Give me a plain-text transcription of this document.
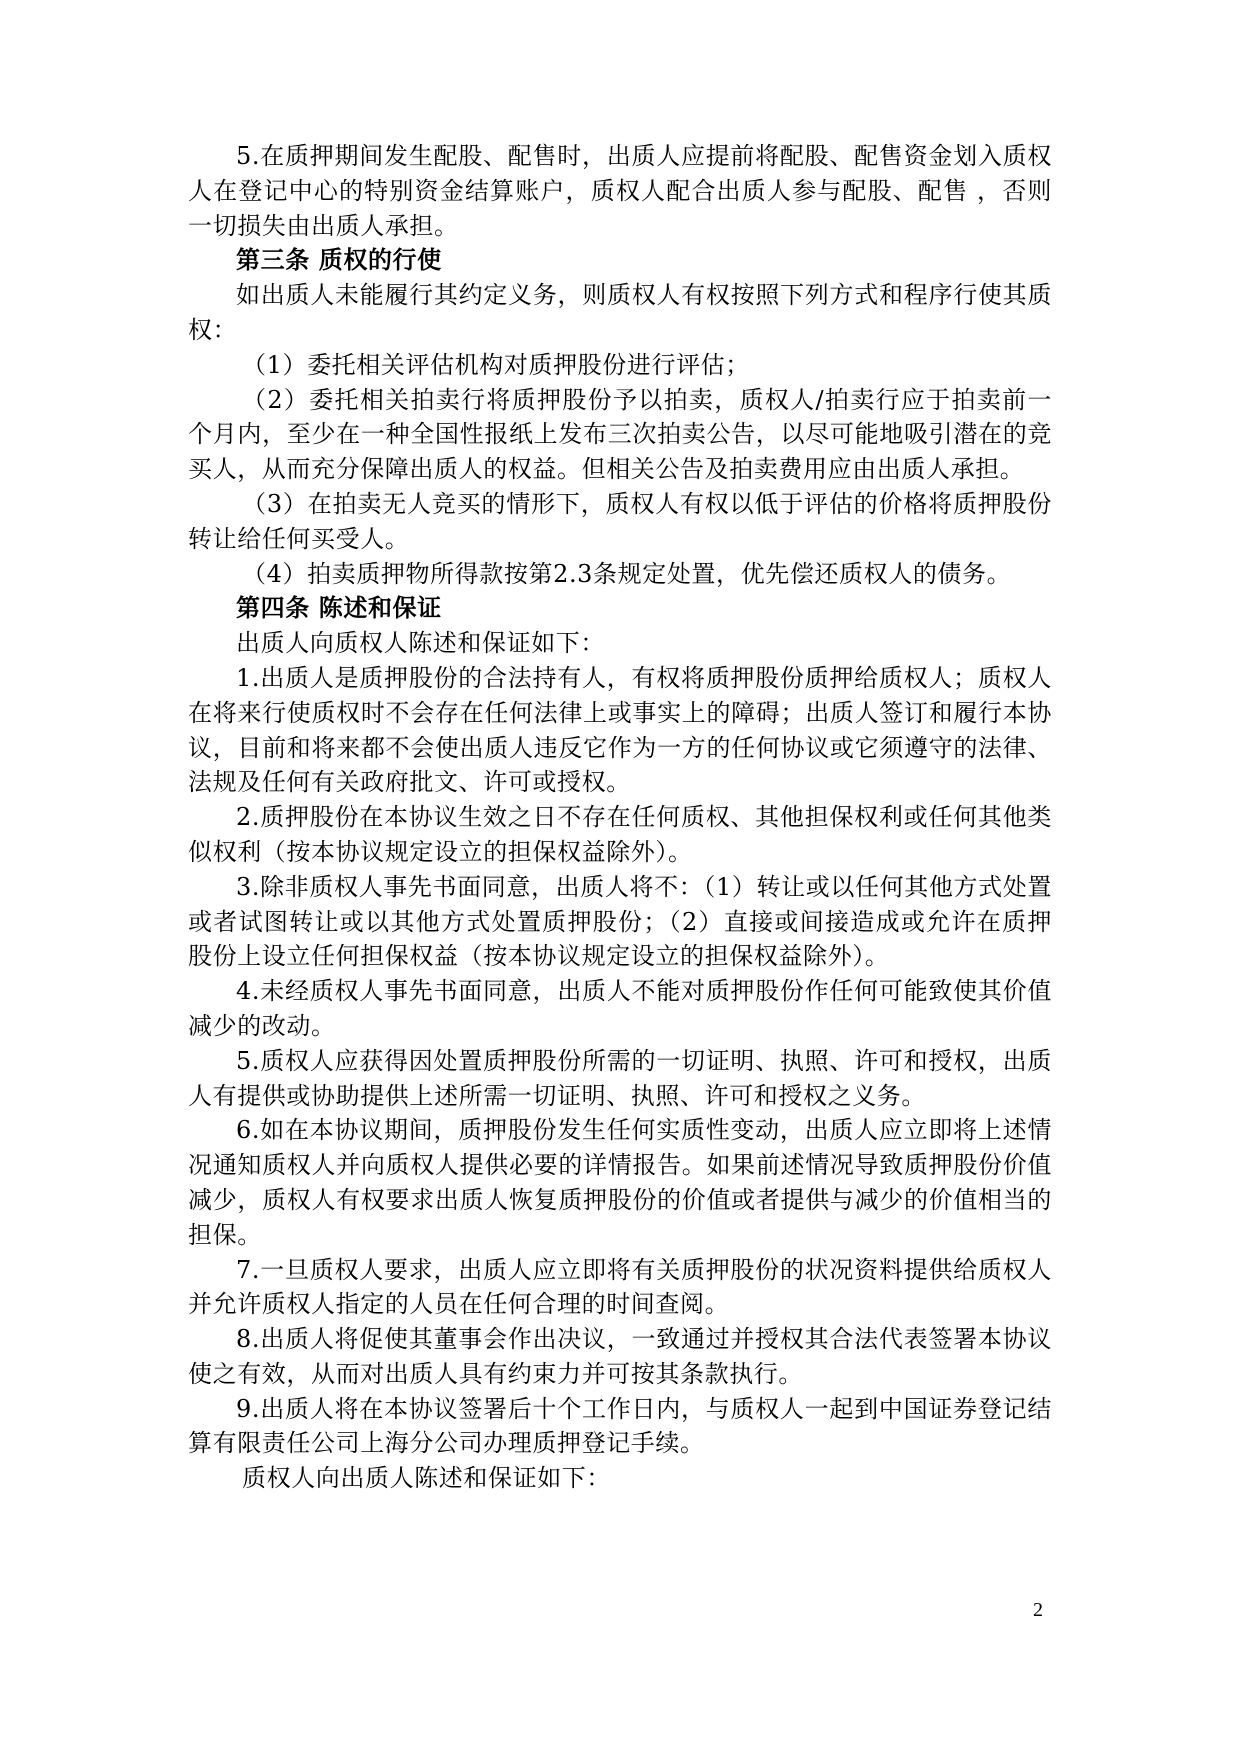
5.在质押期间发生配股、配售时，出质人应提前将配股、配售资金划入质权人在登记中心的特别资金结算账户，质权人配合出质人参与配股、配售 ，否则一切损失由出质人承担。

第三条 质权的行使

如出质人未能履行其约定义务，则质权人有权按照下列方式和程序行使其质权：

（1）委托相关评估机构对质押股份进行评估；

（2）委托相关拍卖行将质押股份予以拍卖，质权人/拍卖行应于拍卖前一个月内，至少在一种全国性报纸上发布三次拍卖公告，以尽可能地吸引潜在的竞买人，从而充分保障出质人的权益。但相关公告及拍卖费用应由出质人承担。

（3）在拍卖无人竞买的情形下，质权人有权以低于评估的价格将质押股份转让给任何买受人。

（4）拍卖质押物所得款按第2.3条规定处置，优先偿还质权人的债务。

第四条 陈述和保证

出质人向质权人陈述和保证如下：

1.出质人是质押股份的合法持有人，有权将质押股份质押给质权人；质权人在将来行使质权时不会存在任何法律上或事实上的障碍；出质人签订和履行本协议，目前和将来都不会使出质人违反它作为一方的任何协议或它须遵守的法律、法规及任何有关政府批文、许可或授权。

2.质押股份在本协议生效之日不存在任何质权、其他担保权利或任何其他类似权利（按本协议规定设立的担保权益除外）。

3.除非质权人事先书面同意，出质人将不：（1）转让或以任何其他方式处置或者试图转让或以其他方式处置质押股份；（2）直接或间接造成或允许在质押股份上设立任何担保权益（按本协议规定设立的担保权益除外）。

4.未经质权人事先书面同意，出质人不能对质押股份作任何可能致使其价值减少的改动。

5.质权人应获得因处置质押股份所需的一切证明、执照、许可和授权，出质人有提供或协助提供上述所需一切证明、执照、许可和授权之义务。

6.如在本协议期间，质押股份发生任何实质性变动，出质人应立即将上述情况通知质权人并向质权人提供必要的详情报告。如果前述情况导致质押股份价值减少，质权人有权要求出质人恢复质押股份的价值或者提供与减少的价值相当的担保。

7.一旦质权人要求，出质人应立即将有关质押股份的状况资料提供给质权人并允许质权人指定的人员在任何合理的时间查阅。

8.出质人将促使其董事会作出决议，一致通过并授权其合法代表签署本协议使之有效，从而对出质人具有约束力并可按其条款执行。

9.出质人将在本协议签署后十个工作日内，与质权人一起到中国证券登记结算有限责任公司上海分公司办理质押登记手续。

质权人向出质人陈述和保证如下：

2
